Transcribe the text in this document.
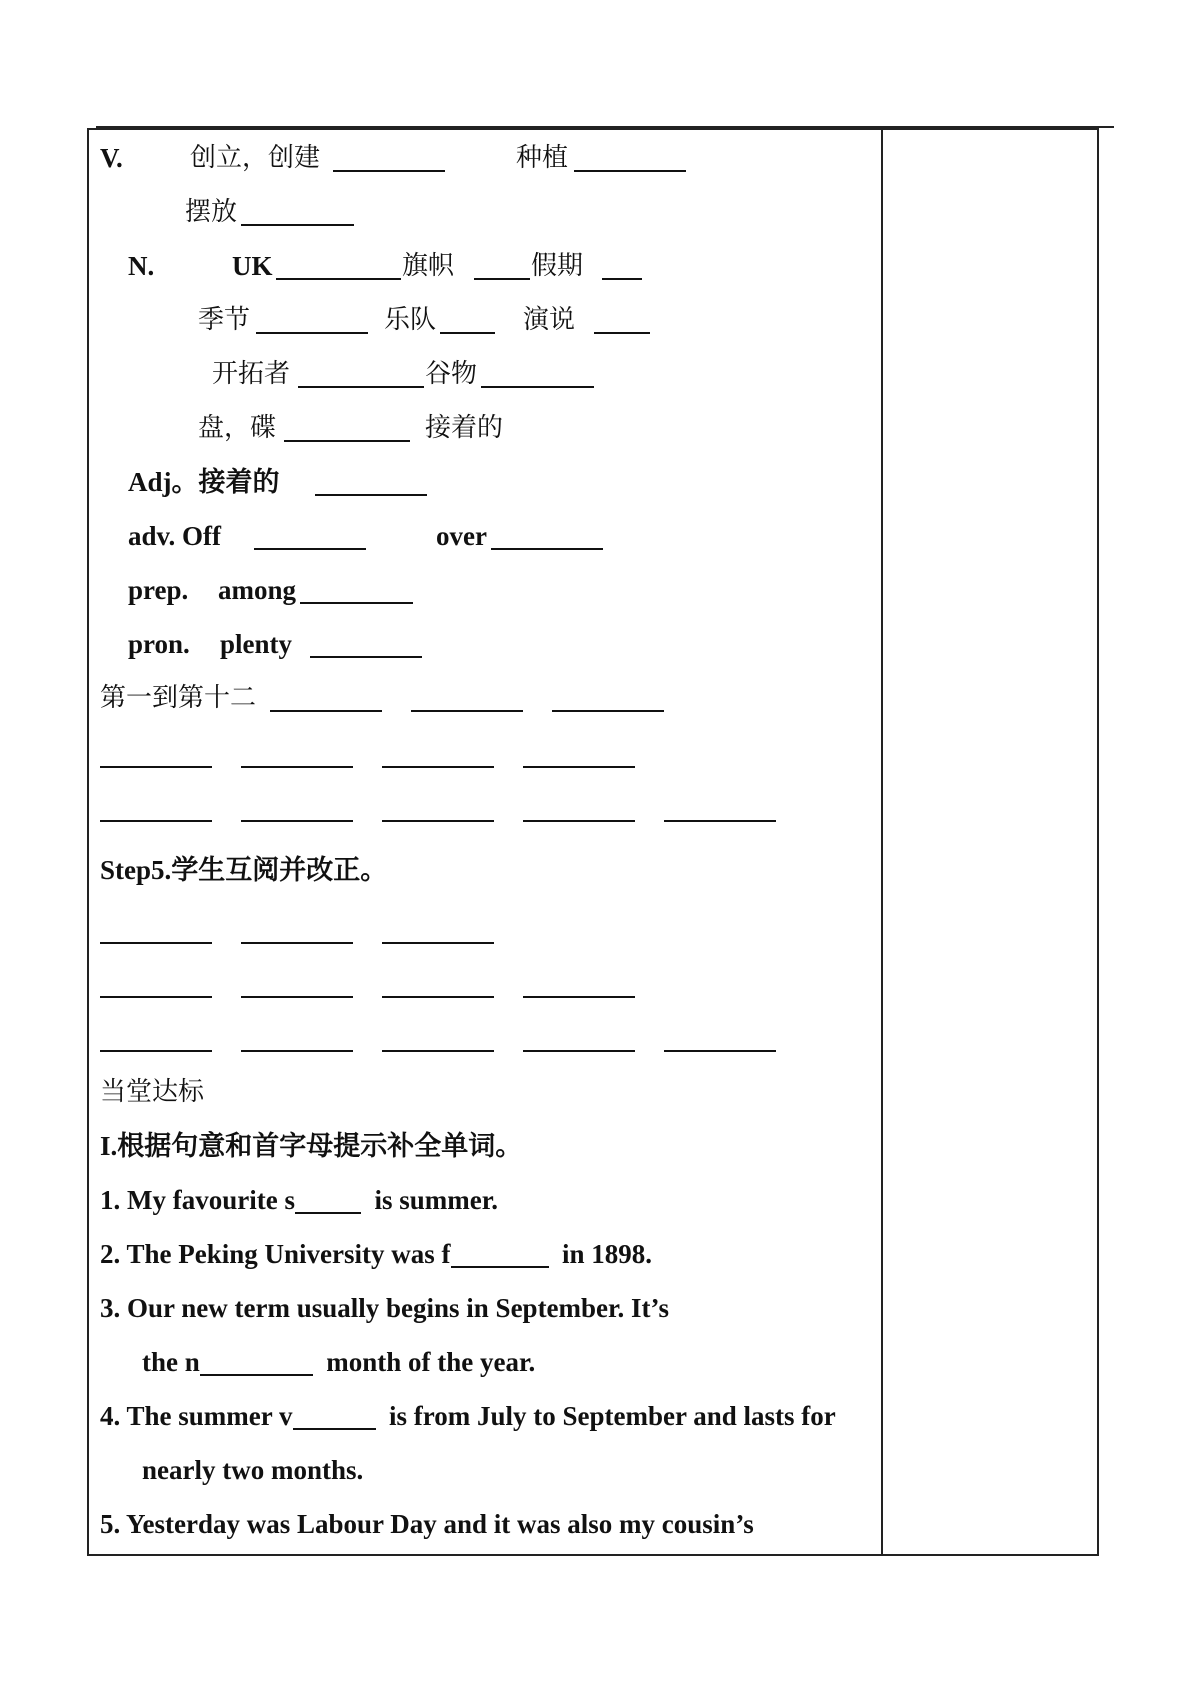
V.	创立，创建	种植
摆放
N.	UK	旗帜	假期
季节	乐队	演说
开拓者	谷物
盘，碟	接着的
Adj。接着的
adv. Off	over
prep. among
pron. plenty
第一到第十二
Step5.学生互阅并改正。
当堂达标
I.根据句意和首字母提示补全单词。
1. My favourite s	is summer.
2. The Peking University was f	in 1898.
3. Our new term usually begins in September. It’s
the n	month of the year.
4. The summer v	is from July to September and lasts for
nearly two months.
5. Yesterday was Labour Day and it was also my cousin’s
